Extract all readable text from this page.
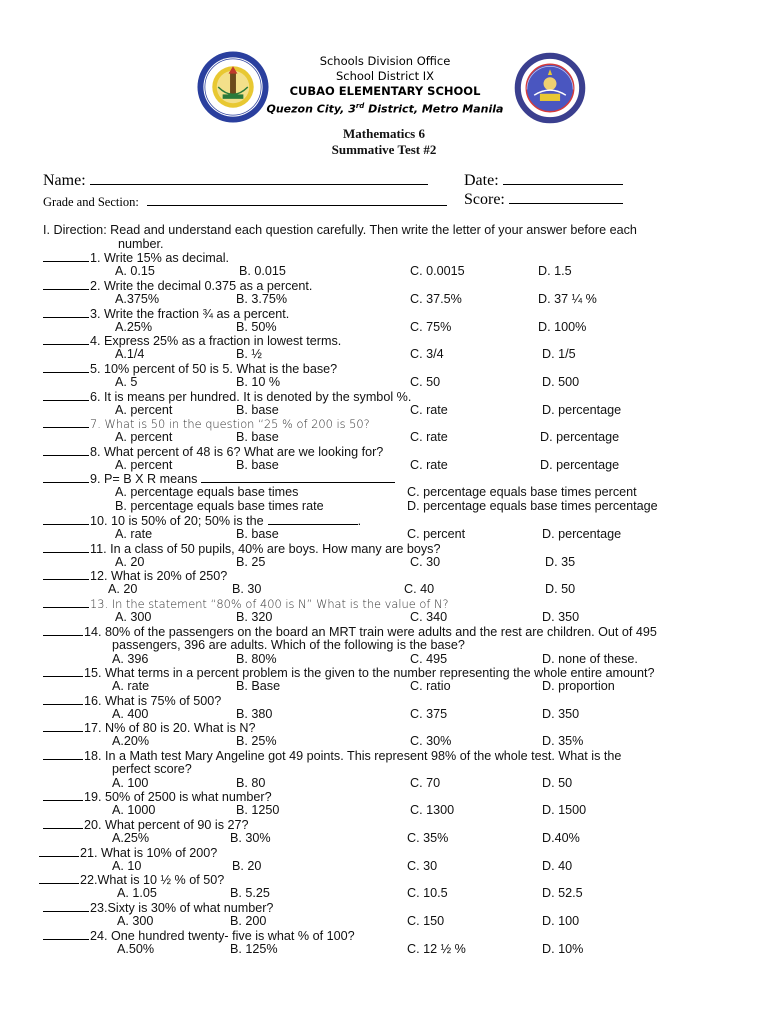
Schools Division Office
School District IX
CUBAO ELEMENTARY SCHOOL
Quezon City, 3rd District, Metro Manila
Mathematics 6
Summative Test #2
Name:
Grade and Section:
Date:
Score:
I. Direction: Read and understand each question carefully. Then write the letter of your answer before each
number.
1. Write 15% as decimal.
A. 0.15	B. 0.015	C. 0.0015	D. 1.5
2. Write the decimal 0.375 as a percent.
A.375%	B. 3.75%	C. 37.5%	D. 37 ¼ %
3. Write the fraction ¾ as a percent.
A.25%	B. 50%	C. 75%	D. 100%
4. Express 25% as a fraction in lowest terms.
A.1/4	B. ½	C. 3/4	D. 1/5
5. 10% percent of 50 is 5. What is the base?
A. 5	B. 10 %	C. 50	D. 500
6. It is means per hundred. It is denoted by the symbol %.
A. percent	B. base	C. rate	D. percentage
7. What is 50 in the question “25 % of 200 is 50?
A. percent	B. base	C. rate	D. percentage
8. What percent of 48 is 6? What are we looking for?
A. percent	B. base	C. rate	D. percentage
9. P= B X R means
A. percentage equals base times
B. percentage equals base times rate
C. percentage equals base times percent
D. percentage equals base times percentage
10. 10 is 50% of 20; 50% is the	.
A. rate	B. base	C. percent	D. percentage
11. In a class of 50 pupils, 40% are boys. How many are boys?
A. 20	B. 25	C. 30	D. 35
12. What is 20% of 250?
A. 20	B. 30	C. 40	D. 50
13. In the statement “80% of 400 is N” What is the value of N?
A. 300	B. 320	C. 340	D. 350
14. 80% of the passengers on the board an MRT train were adults and the rest are children. Out of 495
passengers, 396 are adults. Which of the following is the base?
A. 396	B. 80%	C. 495	D. none of these.
15. What terms in a percent problem is the given to the number representing the whole entire amount?
A. rate	B. Base	C. ratio	D. proportion
16. What is 75% of 500?
A. 400	B. 380	C. 375	D. 350
17. N% of 80 is 20. What is N?
A.20%	B. 25%	C. 30%	D. 35%
18. In a Math test Mary Angeline got 49 points. This represent 98% of the whole test. What is the
perfect score?
A. 100	B. 80	C. 70	D. 50
19. 50% of 2500 is what number?
A. 1000	B. 1250	C. 1300	D. 1500
20. What percent of 90 is 27?
A.25%	B. 30%	C. 35%	D.40%
21. What is 10% of 200?
A. 10	B. 20	C. 30	D. 40
22.What is 10 ½ % of 50?
A. 1.05	B. 5.25	C. 10.5	D. 52.5
23.Sixty is 30% of what number?
A. 300	B. 200	C. 150	D. 100
24. One hundred twenty- five is what % of 100?
A.50%	B. 125%	C. 12 ½ %	D. 10%
